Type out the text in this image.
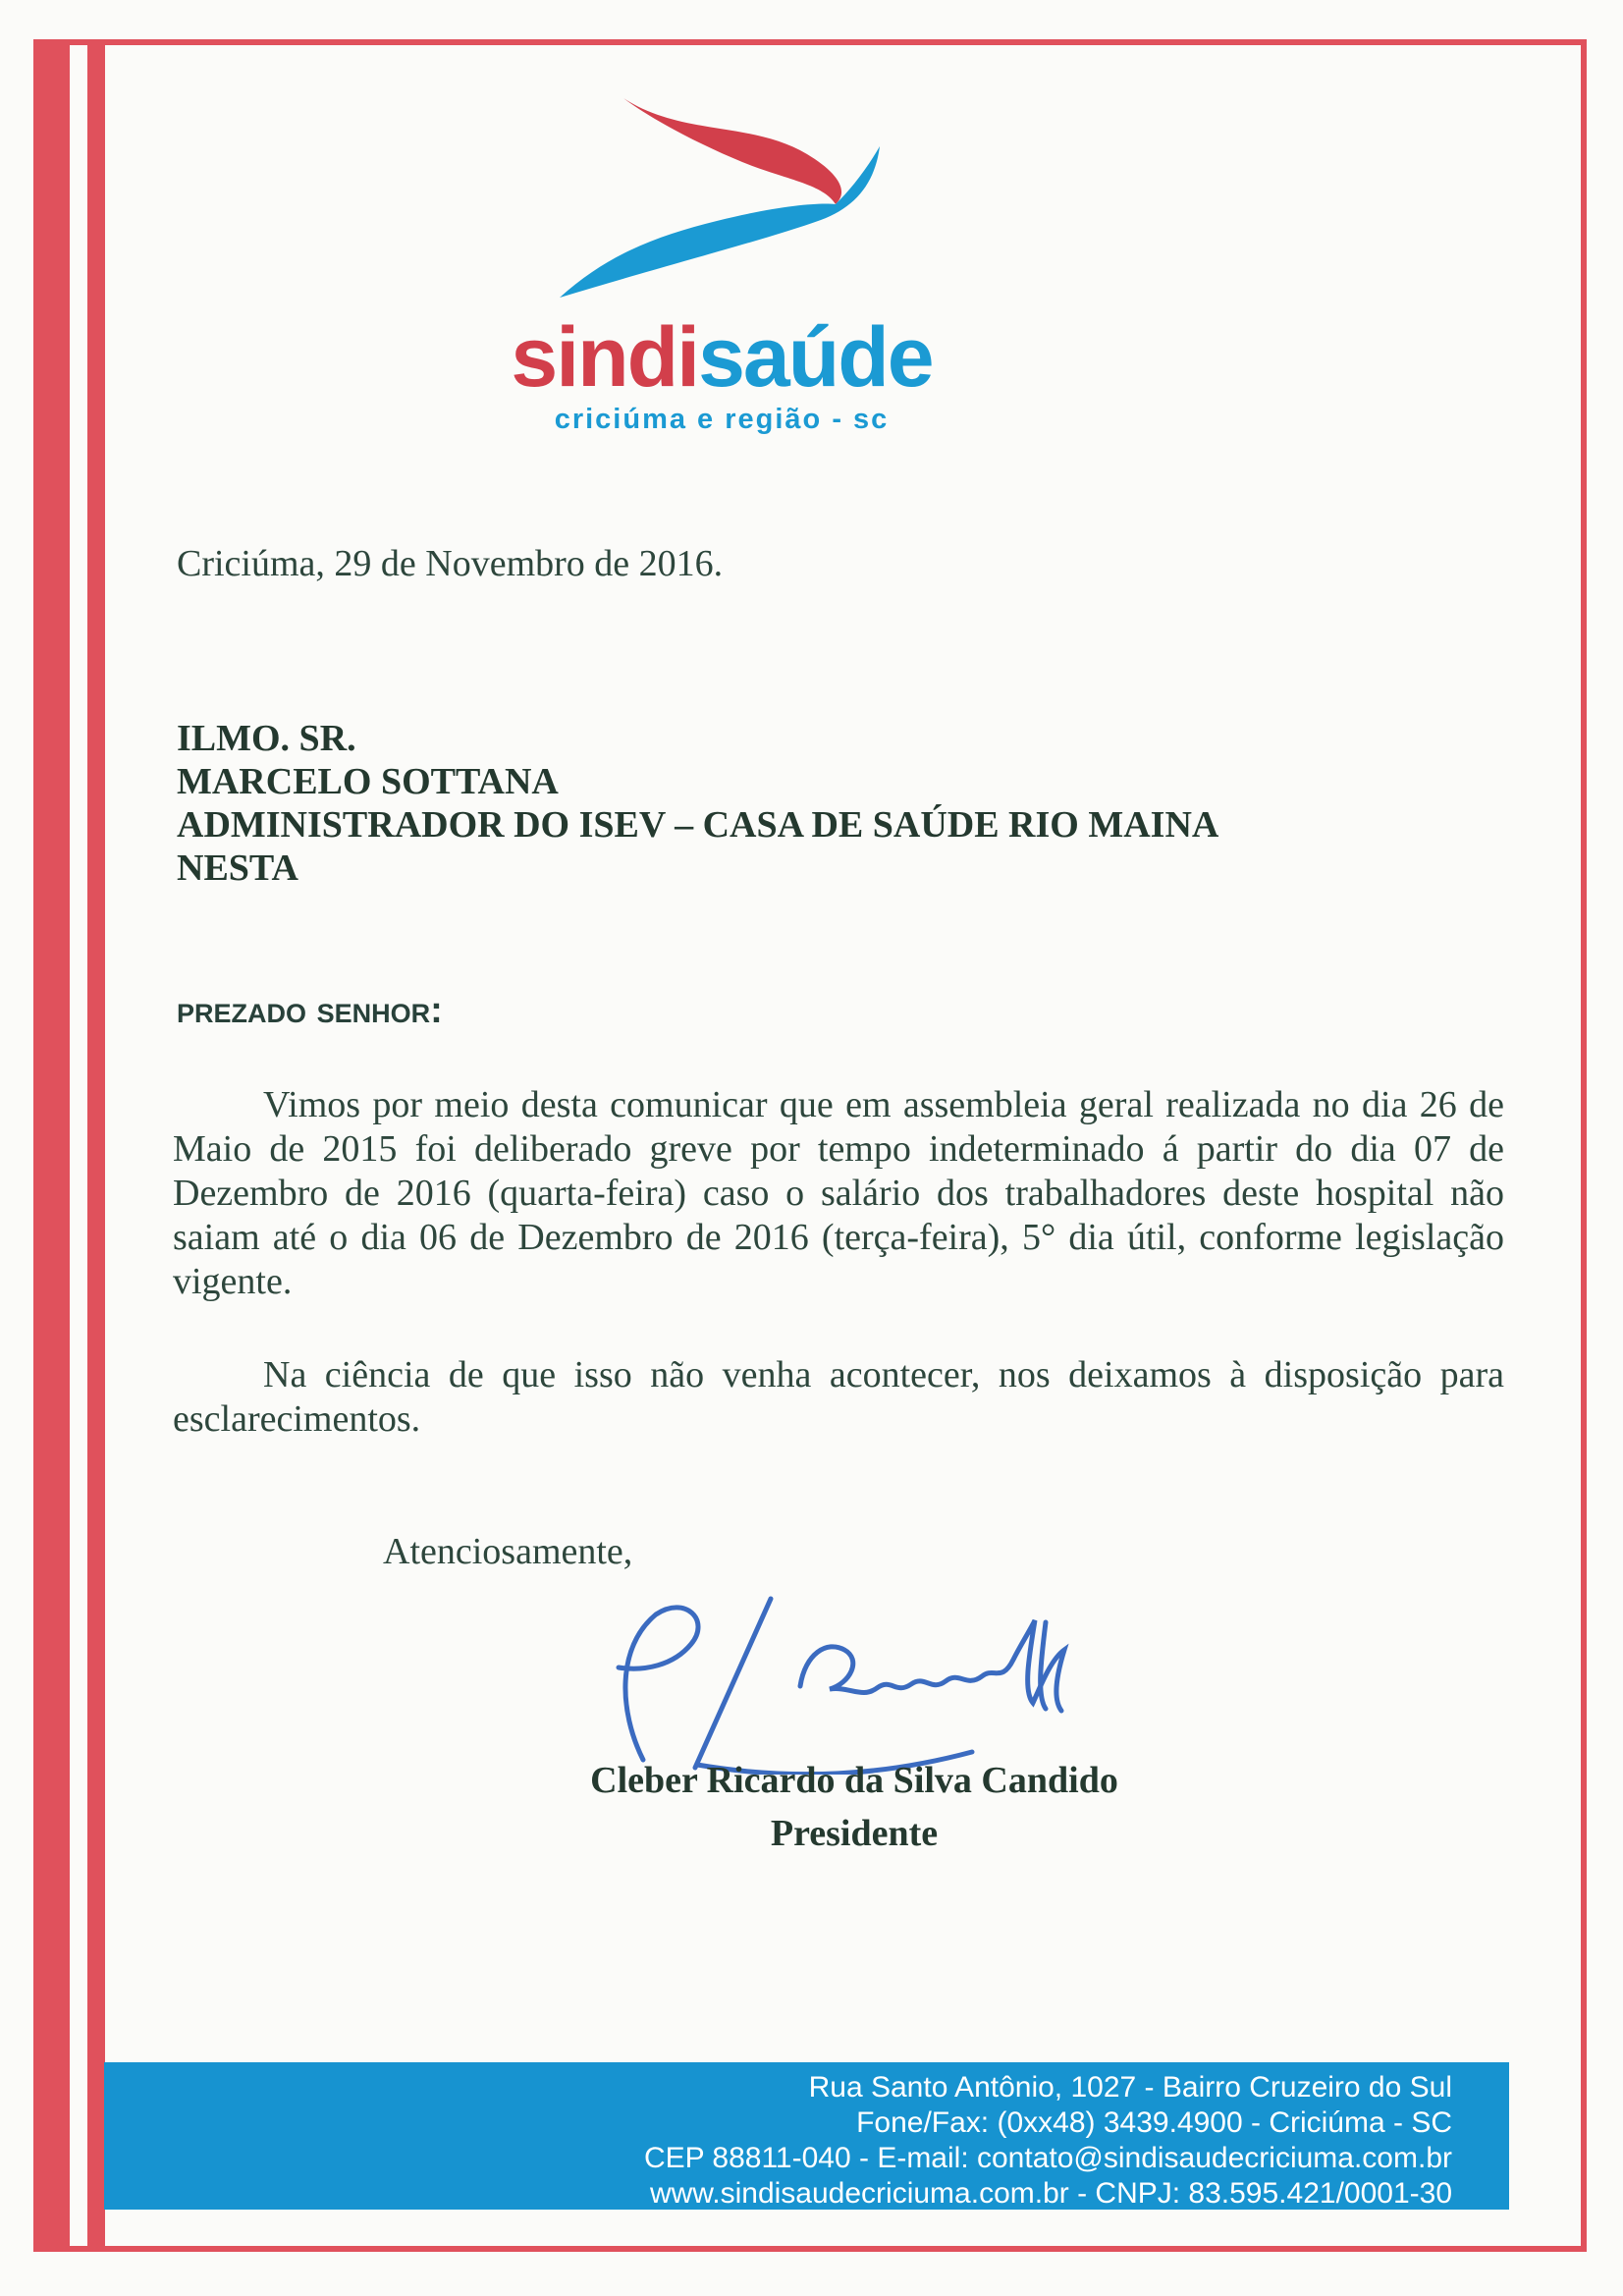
sindisaúde
criciúma e região - sc
Criciúma, 29 de Novembro de 2016.
ILMO. SR.
MARCELO SOTTANA
ADMINISTRADOR DO ISEV – CASA DE SAÚDE RIO MAINA
NESTA
prezado senhor:

Vimos por meio desta comunicar que em assembleia geral realizada no dia 26 de Maio de 2015 foi deliberado greve por tempo indeterminado á partir do dia 07 de Dezembro de 2016 (quarta-feira) caso o salário dos trabalhadores deste hospital não saiam até o dia 06 de Dezembro de 2016 (terça-feira), 5° dia útil, conforme legislação vigente.

Na ciência de que isso não venha acontecer, nos deixamos à disposição para esclarecimentos.

Atenciosamente,
Cleber Ricardo da Silva Candido
Presidente
Rua Santo Antônio, 1027 - Bairro Cruzeiro do Sul
Fone/Fax: (0xx48) 3439.4900 - Criciúma - SC
CEP 88811-040 - E-mail: contato@sindisaudecriciuma.com.br
www.sindisaudecriciuma.com.br - CNPJ: 83.595.421/0001-30
